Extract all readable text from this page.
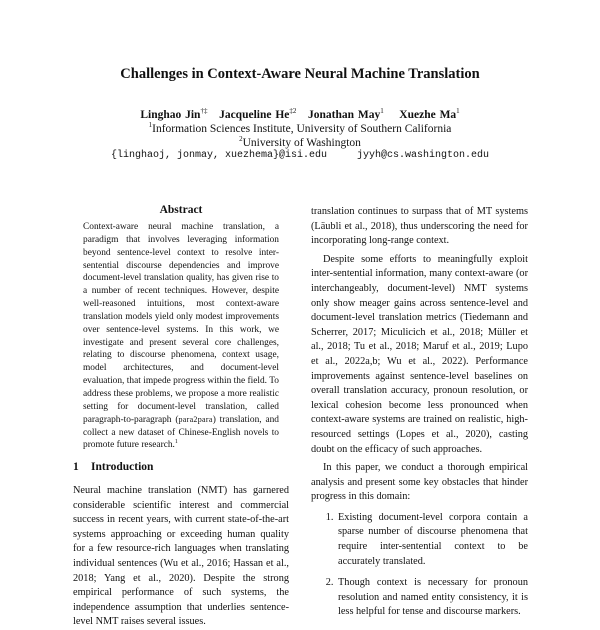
Challenges in Context-Aware Neural Machine Translation
Linghao Jin†‡ Jacqueline He$^{\ddagger 2}$ Jonathan May$^1$ Xuezhe Ma$^1$
$^1$Information Sciences Institute, University of Southern California
$^2$University of Washington
{linghaoj, jonmay, xuezhema}@isi.edu	jyyh@cs.washington.edu
Abstract
Context-aware neural machine translation, a paradigm that involves leveraging information beyond sentence-level context to resolve inter-sentential discourse dependencies and improve document-level translation quality, has given rise to a number of recent techniques. However, despite well-reasoned intuitions, most context-aware translation models yield only modest improvements over sentence-level systems. In this work, we investigate and present several core challenges, relating to discourse phenomena, context usage, model architectures, and document-level evaluation, that impede progress within the field. To address these problems, we propose a more realistic setting for document-level translation, called paragraph-to-paragraph (para2para) translation, and collect a new dataset of Chinese-English novels to promote future research.$^1$
1 Introduction

Neural machine translation (NMT) has garnered considerable scientific interest and commercial success in recent years, with current state-of-the-art systems approaching or exceeding human quality for a few resource-rich languages when translating individual sentences (Wu et al., 2016; Hassan et al., 2018; Yang et al., 2020). Despite the strong empirical performance of such systems, the independence assumption that underlies sentence-level NMT raises several issues.

translation continues to surpass that of MT systems (Läubli et al., 2018), thus underscoring the need for incorporating long-range context.

Despite some efforts to meaningfully exploit inter-sentential information, many context-aware (or interchangeably, document-level) NMT systems only show meager gains across sentence-level and document-level translation metrics (Tiedemann and Scherrer, 2017; Miculicich et al., 2018; Müller et al., 2018; Tu et al., 2018; Maruf et al., 2019; Lupo et al., 2022a,b; Wu et al., 2022). Performance improvements against sentence-level baselines on overall translation accuracy, pronoun resolution, or lexical cohesion become less pronounced when context-aware systems are trained on realistic, high-resourced settings (Lopes et al., 2020), casting doubt on the efficacy of such approaches.

In this paper, we conduct a thorough empirical analysis and present some key obstacles that hinder progress in this domain:

1. Existing document-level corpora contain a sparse number of discourse phenomena that require inter-sentential context to be accurately translated.
2. Though context is necessary for pronoun resolution and named entity consistency, it is less helpful for tense and discourse markers.
